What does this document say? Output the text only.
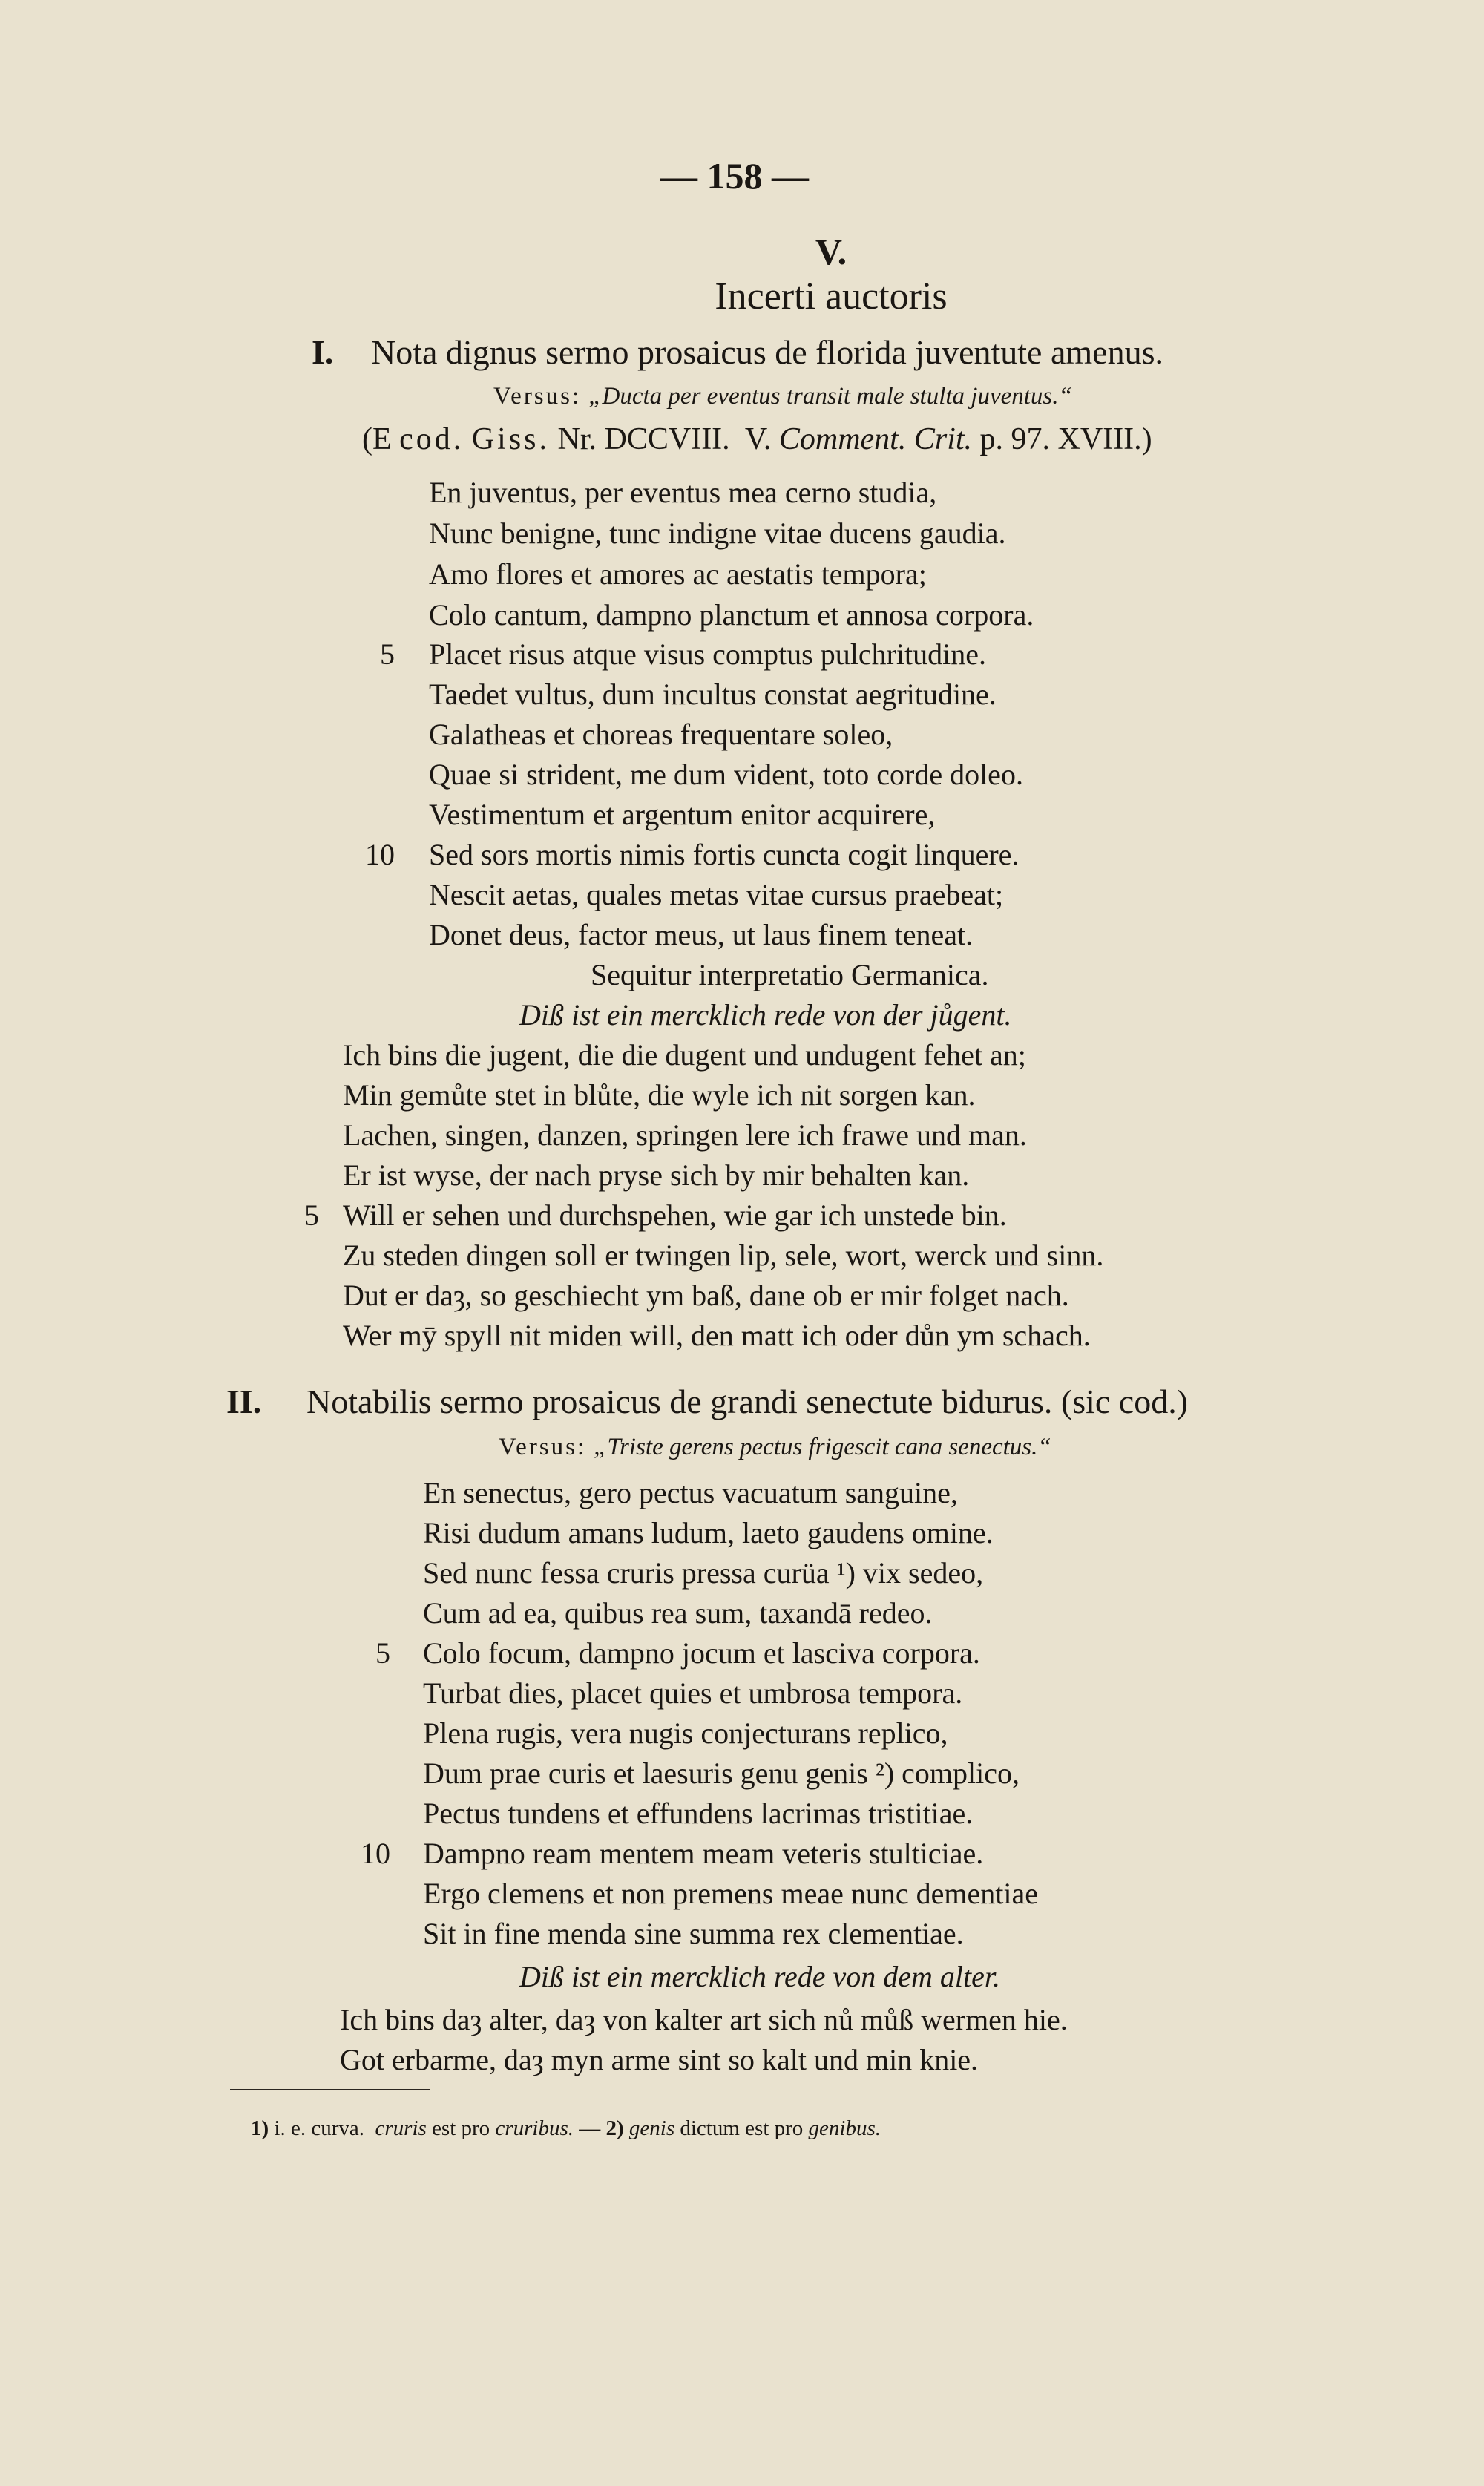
— 158 —
V.
Incerti auctoris
I. Nota dignus sermo prosaicus de florida juventute amenus.
Versus: „Ducta per eventus transit male stulta juventus.“
(E cod. Giss. Nr. DCCVIII. V. Comment. Crit. p. 97. XVIII.)
En juventus, per eventus mea cerno studia,
Nunc benigne, tunc indigne vitae ducens gaudia.
Amo flores et amores ac aestatis tempora;
Colo cantum, dampno planctum et annosa corpora.
5 Placet risus atque visus comptus pulchritudine.
Taedet vultus, dum incultus constat aegritudine.
Galatheas et choreas frequentare soleo,
Quae si strident, me dum vident, toto corde doleo.
Vestimentum et argentum enitor acquirere,
10 Sed sors mortis nimis fortis cuncta cogit linquere.
Nescit aetas, quales metas vitae cursus praebeat;
Donet deus, factor meus, ut laus finem teneat.
Sequitur interpretatio Germanica.
Diß ist ein mercklich rede von der jůgent.
Ich bins die jugent, die die dugent und undugent fehet an;
Min gemůte stet in blůte, die wyle ich nit sorgen kan.
Lachen, singen, danzen, springen lere ich frawe und man.
Er ist wyse, der nach pryse sich by mir behalten kan.
5 Will er sehen und durchspehen, wie gar ich unstede bin.
Zu steden dingen soll er twingen lip, sele, wort, werck und sinn.
Dut er daȝ, so geschiecht ym baß, dane ob er mir folget nach.
Wer mȳ spyll nit miden will, den matt ich oder důn ym schach.
II. Notabilis sermo prosaicus de grandi senectute bidurus. (sic cod.)
Versus: „Triste gerens pectus frigescit cana senectus.“
En senectus, gero pectus vacuatum sanguine,
Risi dudum amans ludum, laeto gaudens omine.
Sed nunc fessa cruris pressa curüa ¹) vix sedeo,
Cum ad ea, quibus rea sum, taxandā redeo.
5 Colo focum, dampno jocum et lasciva corpora.
Turbat dies, placet quies et umbrosa tempora.
Plena rugis, vera nugis conjecturans replico,
Dum prae curis et laesuris genu genis ²) complico,
Pectus tundens et effundens lacrimas tristitiae.
10 Dampno ream mentem meam veteris stulticiae.
Ergo clemens et non premens meae nunc dementiae
Sit in fine menda sine summa rex clementiae.
Diß ist ein mercklich rede von dem alter.
Ich bins daȝ alter, daȝ von kalter art sich nů můß wermen hie.
Got erbarme, daȝ myn arme sint so kalt und min knie.
1) i. e. curva. cruris est pro cruribus. — 2) genis dictum est pro genibus.
